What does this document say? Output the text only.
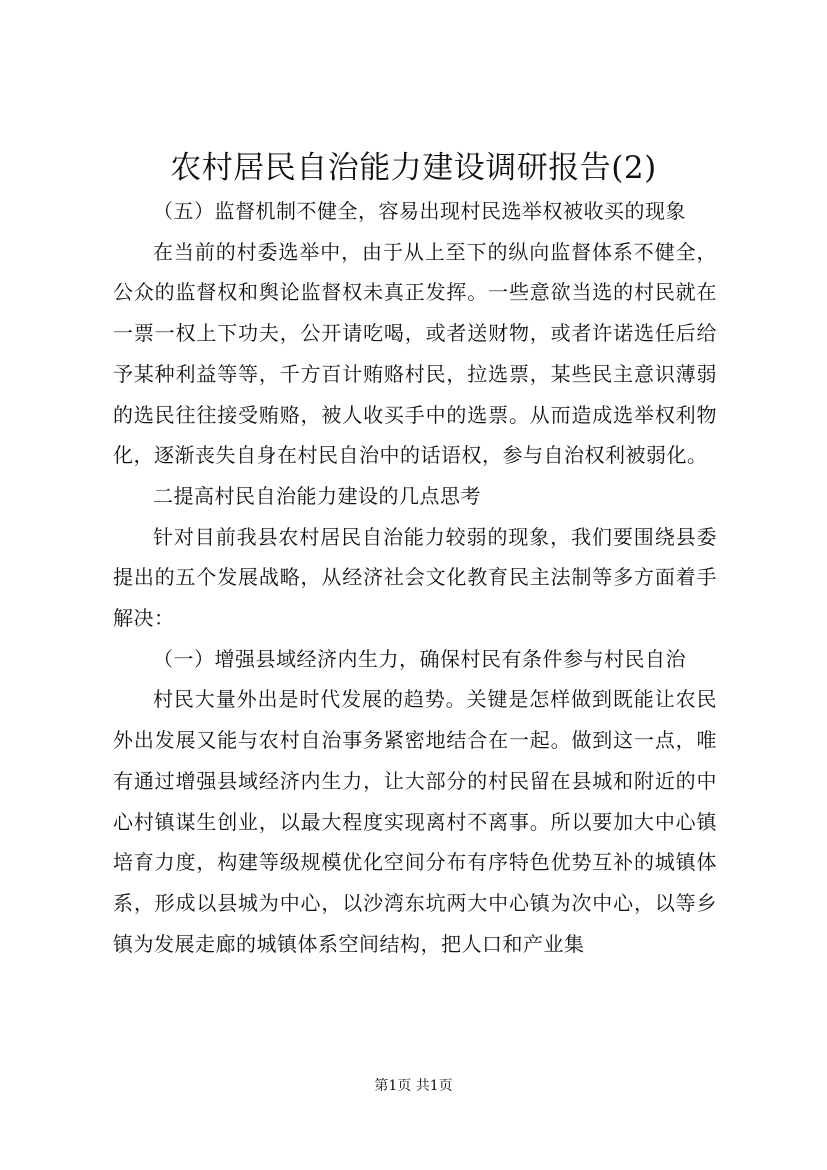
农村居民自治能力建设调研报告(2)

（五）监督机制不健全，容易出现村民选举权被收买的现象

在当前的村委选举中，由于从上至下的纵向监督体系不健全，公众的监督权和舆论监督权未真正发挥。一些意欲当选的村民就在一票一权上下功夫，公开请吃喝，或者送财物，或者许诺选任后给予某种利益等等，千方百计贿赂村民，拉选票，某些民主意识薄弱的选民往往接受贿赂，被人收买手中的选票。从而造成选举权利物化，逐渐丧失自身在村民自治中的话语权，参与自治权利被弱化。

二提高村民自治能力建设的几点思考

针对目前我县农村居民自治能力较弱的现象，我们要围绕县委提出的五个发展战略，从经济社会文化教育民主法制等多方面着手解决：

（一）增强县域经济内生力，确保村民有条件参与村民自治

村民大量外出是时代发展的趋势。关键是怎样做到既能让农民外出发展又能与农村自治事务紧密地结合在一起。做到这一点，唯有通过增强县域经济内生力，让大部分的村民留在县城和附近的中心村镇谋生创业，以最大程度实现离村不离事。所以要加大中心镇培育力度，构建等级规模优化空间分布有序特色优势互补的城镇体系，形成以县城为中心，以沙湾东坑两大中心镇为次中心，以等乡镇为发展走廊的城镇体系空间结构，把人口和产业集

第1页 共1页
